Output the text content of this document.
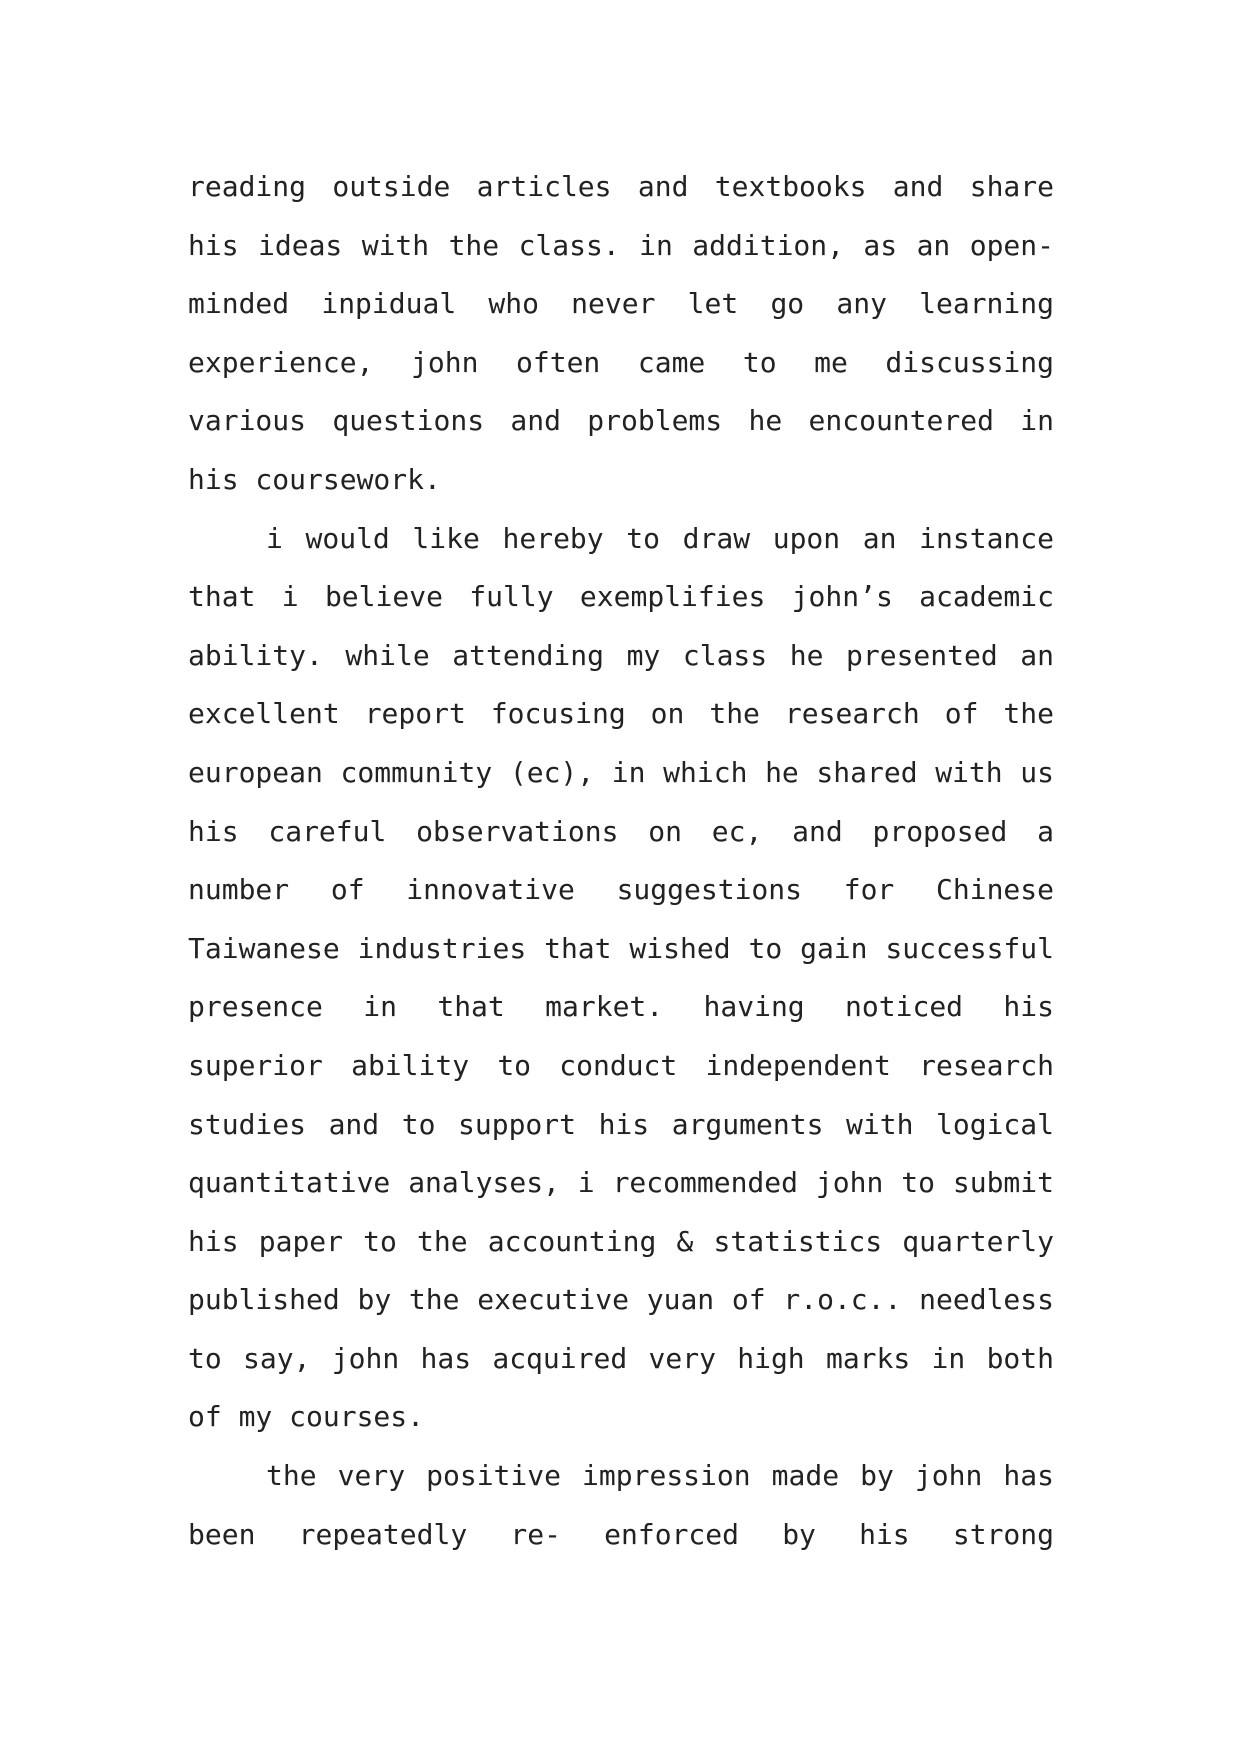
reading outside articles and textbooks and share
his ideas with the class. in addition, as an open-
minded inpidual who never let go any learning
experience, john often came to me discussing
various questions and problems he encountered in
his coursework.
i would like hereby to draw upon an instance
that i believe fully exemplifies john’s academic
ability. while attending my class he presented an
excellent report focusing on the research of the
european community (ec), in which he shared with us
his careful observations on ec, and proposed a
number of innovative suggestions for Chinese
Taiwanese industries that wished to gain successful
presence in that market. having noticed his
superior ability to conduct independent research
studies and to support his arguments with logical
quantitative analyses, i recommended john to submit
his paper to the accounting & statistics quarterly
published by the executive yuan of r.o.c.. needless
to say, john has acquired very high marks in both
of my courses.
the very positive impression made by john has
been repeatedly re- enforced by his strong
